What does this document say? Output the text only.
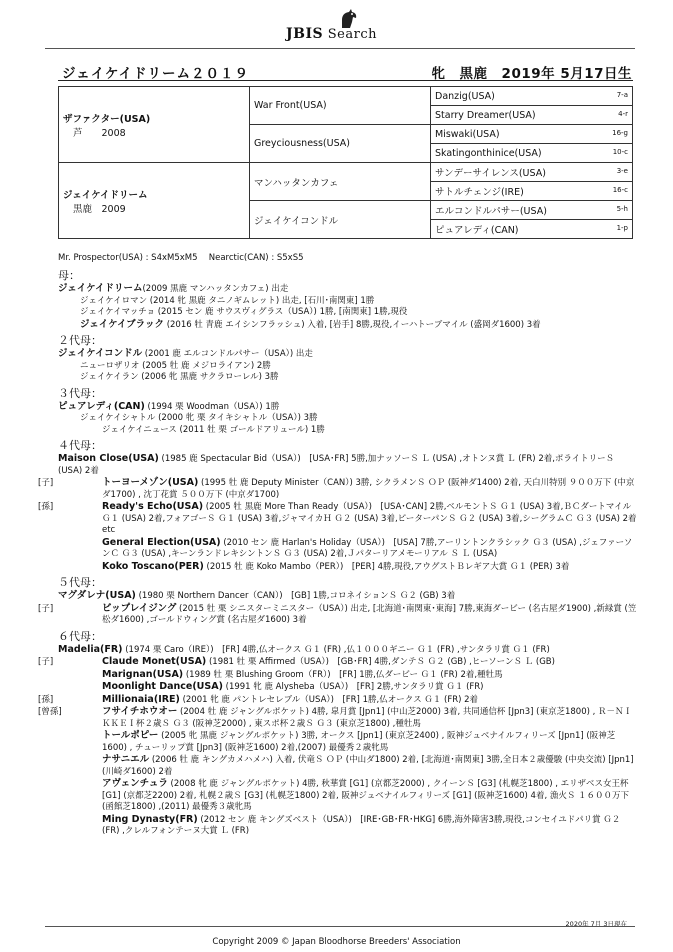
JBIS Search
ジェイケイドリーム２０１９	牝　黒鹿　2019年 5月17日生
ザファクター(USA)
芦　　2008	War Front(USA)	Danzig(USA) 7-a

		Starry Dreamer(USA) 4-r

	Greyciousness(USA)	Miswaki(USA) 16-g

		Skatingonthinice(USA) 10-c

ジェイケイドリーム
黒鹿　2009	マンハッタンカフェ	サンデーサイレンス(USA) 3-e

		サトルチェンジ(IRE) 16-c

	ジェイケイコンドル	エルコンドルパサー(USA) 5-h

		ピュアレディ(CAN) 1-p
Mr. Prospector(USA) : S4xM5xM5　 Nearctic(CAN) : S5xS5
母：
ジェイケイドリーム(2009 黒鹿 マンハッタンカフェ) 出走
ジェイケイロマン (2014 牝 黒鹿 タニノギムレット) 出走, [石川･南関東] 1勝
ジェイケイマッチョ (2015 セン 鹿 サウスヴィグラス（USA）) 1勝, [南関東] 1勝,現役
ジェイケイブラック (2016 牡 青鹿 エイシンフラッシュ) 入着, [岩手] 8勝,現役,イーハトーブマイル (盛岡ダ1600) 3着
２代母：
ジェイケイコンドル (2001 鹿 エルコンドルパサー（USA）) 出走
ニューロザリオ (2005 牡 鹿 メジロライアン) 2勝
ジェイケイラン (2006 牝 黒鹿 サクラローレル) 3勝
３代母：
ピュアレディ(CAN) (1994 栗 Woodman（USA）) 1勝
ジェイケイシャトル (2000 牝 栗 タイキシャトル（USA）) 3勝
ジェイケイニュース (2011 牡 栗 ゴールドアリュール) 1勝
４代母：
Maison Close(USA) (1985 鹿 Spectacular Bid（USA）)　[USA･FR] 5勝,加ナッソーＳ Ｌ (USA) ,オトンヌ賞 Ｌ (FR) 2着,ポライトリーＳ (USA) 2着
[子]	トーヨーメゾン(USA) (1995 牡 鹿 Deputy Minister（CAN）) 3勝, シクラメンＳ ＯＰ (阪神ダ1400) 2着, 天白川特別 ９００万下 (中京ダ1700) , 沈丁花賞 ５００万下 (中京ダ1700)
[孫]	Ready's Echo(USA) (2005 牡 黒鹿 More Than Ready（USA）)　[USA･CAN] 2勝,ベルモントＳ Ｇ１ (USA) 3着,ＢＣダートマイル Ｇ１ (USA) 2着,フォアゴーＳ Ｇ１ (USA) 3着,ジャマイカＨ Ｇ２ (USA) 3着,ピーターパンＳ Ｇ２ (USA) 3着,シーグラムＣ Ｇ３ (USA) 2着etc
General Election(USA) (2010 セン 鹿 Harlan's Holiday（USA）)　[USA] 7勝,アーリントンクラシック Ｇ３ (USA) ,ジェファーソンＣ Ｇ３ (USA) ,キーンランドレキシントンＳ Ｇ３ (USA) 2着,Ｊパターリアメモーリアル Ｓ Ｌ (USA)
Koko Toscano(PER) (2015 牡 鹿 Koko Mambo（PER）)　[PER] 4勝,現役,アウグストＢレギア大賞 Ｇ１ (PER) 3着
５代母：
マグダレナ(USA) (1980 栗 Northern Dancer（CAN）)　[GB] 1勝,コロネイションＳ Ｇ２ (GB) 3着
[子]	ビップレイジング (2015 牡 栗 シニスターミニスター（USA）) 出走, [北海道･南関東･東海] 7勝,東海ダービー (名古屋ダ1900) ,新緑賞 (笠松ダ1600) ,ゴールドウィング賞 (名古屋ダ1600) 3着
６代母：
Madelia(FR) (1974 栗 Caro（IRE）)　[FR] 4勝,仏オークス Ｇ１ (FR) ,仏１０００ギニー Ｇ１ (FR) ,サンタラリ賞 Ｇ１ (FR)
[子]	Claude Monet(USA) (1981 牡 栗 Affirmed（USA）)　[GB･FR] 4勝,ダンテＳ Ｇ２ (GB) ,ヒーソーンＳ Ｌ (GB)
Marignan(USA) (1989 牡 栗 Blushing Groom（FR）)　[FR] 1勝,仏ダービー Ｇ１ (FR) 2着,種牡馬
Moonlight Dance(USA) (1991 牝 鹿 Alysheba（USA）)　[FR] 2勝,サンタラリ賞 Ｇ１ (FR)
[孫]	Millionaia(IRE) (2001 牝 鹿 パントレセレブル（USA）)　[FR] 1勝,仏オークス Ｇ１ (FR) 2着
[曾孫]	フサイチホウオー (2004 牡 鹿 ジャングルポケット) 4勝, 皐月賞 [Jpn1] (中山芝2000) 3着, 共同通信杯 [Jpn3] (東京芝1800) , Ｒ－ＮＩＫＫＥＩ杯２歳Ｓ Ｇ３ (阪神芝2000) , 東スポ杯２歳Ｓ Ｇ３ (東京芝1800) ,種牡馬
トールポピー (2005 牝 黒鹿 ジャングルポケット) 3勝, オークス [Jpn1] (東京芝2400) , 阪神ジュベナイルフィリーズ [Jpn1] (阪神芝1600) , チューリップ賞 [Jpn3] (阪神芝1600) 2着,(2007) 最優秀２歳牝馬
ナサニエル (2006 牡 鹿 キングカメハメハ) 入着, 伏竜Ｓ ＯＰ (中山ダ1800) 2着, [北海道･南関東] 3勝,全日本２歳優駿 (中央交流) [Jpn1] (川崎ダ1600) 2着
アヴェンチュラ (2008 牝 鹿 ジャングルポケット) 4勝, 秋華賞 [G1] (京都芝2000) , クイーンＳ [G3] (札幌芝1800) , エリザベス女王杯 [G1] (京都芝2200) 2着, 札幌２歳Ｓ [G3] (札幌芝1800) 2着, 阪神ジュベナイルフィリーズ [G1] (阪神芝1600) 4着, 漁火Ｓ １６００万下 (函館芝1800) ,(2011) 最優秀３歳牝馬
Ming Dynasty(FR) (2012 セン 鹿 キングズベスト（USA）)　[IRE･GB･FR･HKG] 6勝,海外障害3勝,現役,コンセイユドパリ賞 Ｇ２ (FR) ,クレルフォンテーヌ大賞 Ｌ (FR)
2020年 7月 3日現在
Copyright 2009 © Japan Bloodhorse Breeders' Association
